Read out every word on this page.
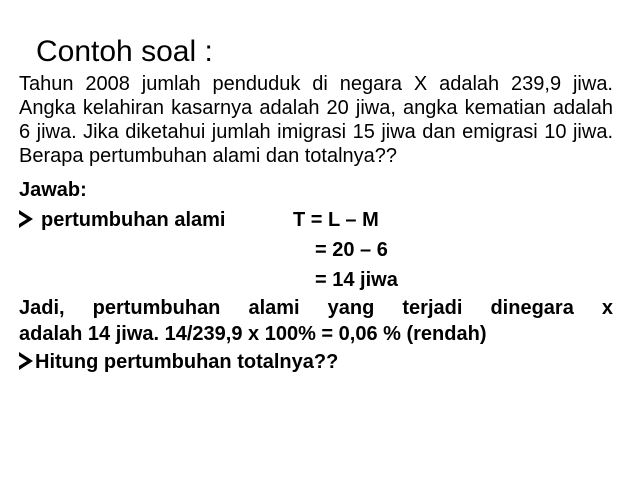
Contoh soal :

Tahun 2008 jumlah penduduk di negara X adalah 239,9 jiwa. Angka kelahiran kasarnya adalah 20 jiwa, angka kematian adalah 6 jiwa. Jika diketahui jumlah imigrasi 15 jiwa dan emigrasi 10 jiwa. Berapa pertumbuhan alami dan totalnya??

Jawab:
pertumbuhan alami	T = L – M
= 20 – 6
= 14 jiwa
Jadi, pertumbuhan alami yang terjadi dinegara x
adalah 14 jiwa. 14/239,9 x 100% = 0,06 % (rendah)
Hitung pertumbuhan totalnya??
